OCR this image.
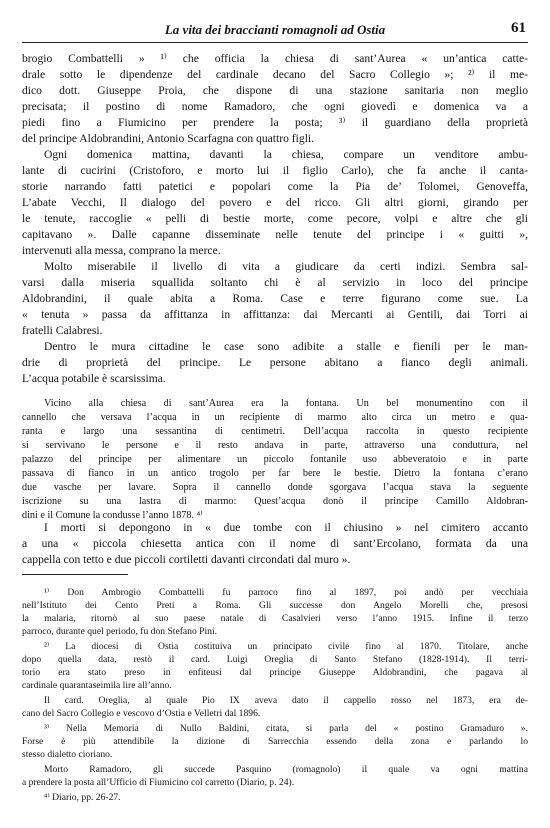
La vita dei braccianti romagnoli ad Ostia	61
brogio Combattelli » ¹⁾ che officia la chiesa di sant’Aurea « un’antica catte-
drale sotto le dipendenze del cardinale decano del Sacro Collegio »; ²⁾ il me-
dico dott. Giuseppe Proia, che dispone di una stazione sanitaria non meglio
precisata; il postino di nome Ramadoro, che ogni giovedì e domenica va a
piedi fino a Fiumicino per prendere la posta; ³⁾ il guardiano della proprietà
del principe Aldobrandini, Antonio Scarfagna con quattro figli.
Ogni domenica mattina, davanti la chiesa, compare un venditore ambu-
lante di cucirini (Cristoforo, e morto lui il figlio Carlo), che fa anche il canta-
storie narrando fatti patetici e popolari come la Pia de’ Tolomei, Genoveffa,
L’abate Vecchi, Il dialogo del povero e del ricco. Gli altri giorni, girando per
le tenute, raccoglie « pelli di bestie morte, come pecore, volpi e altre che gli
capitavano ». Dalle capanne disseminate nelle tenute del principe i « guitti »,
intervenuti alla messa, comprano la merce.
Molto miserabile il livello di vita a giudicare da certi indizi. Sembra sal-
varsi dalla miseria squallida soltanto chi è al servizio in loco del principe
Aldobrandini, il quale abita a Roma. Case e terre figurano come sue. La
« tenuta » passa da affittanza in affittanza: dai Mercanti ai Gentili, dai Torri ai
fratelli Calabresi.
Dentro le mura cittadine le case sono adibite a stalle e fienili per le man-
drie di proprietà del principe. Le persone abitano a fianco degli animali.
L’acqua potabile è scarsissima.
Vicino alla chiesa di sant’Aurea era la fontana. Un bel monumentino con il
cannello che versava l’acqua in un recipiente di marmo alto circa un metro e qua-
ranta e largo una sessantina di centimetri. Dell’acqua raccolta in questo recipiente
si servivano le persone e il resto andava in parte, attraverso una conduttura, nel
palazzo del principe per alimentare un piccolo fontanile uso abbeveratoio e in parte
passava di fianco in un antico trogolo per far bere le bestie. Dietro la fontana c’erano
due vasche per lavare. Sopra il cannello donde sgorgava l’acqua stava la seguente
iscrizione su una lastra di marmo: Quest’acqua donò il principe Camillo Aldobran-
dini e il Comune la condusse l’anno 1878. ⁴⁾
I morti si depongono in « due tombe con il chiusino » nel cimitero accanto
a una « piccola chiesetta antica con il nome di sant’Ercolano, formata da una
cappella con tetto e due piccoli cortiletti davanti circondati dal muro ».
¹⁾ Don Ambrogio Combattelli fu parroco fino al 1897, poi andò per vecchiaia
nell’Istituto dei Cento Preti a Roma. Gli successe don Angelo Morelli che, presosi
la malaria, ritornò al suo paese natale di Casalvieri verso l’anno 1915. Infine il terzo
parroco, durante quel periodo, fu don Stefano Pini.
²⁾ La diocesi di Ostia costituiva un principato civile fino al 1870. Titolare, anche
dopo quella data, restò il card. Luigi Oreglia di Santo Stefano (1828-1914). Il terri-
torio era stato preso in enfiteusi dal principe Giuseppe Aldobrandini, che pagava al
cardinale quarantaseimila lire all’anno.
Il card. Oreglia, al quale Pio IX aveva dato il cappello rosso nel 1873, era de-
cano del Sacro Collegio e vescovo d’Ostia e Velletri dal 1896.
³⁾ Nella Memoria di Nullo Baldini, citata, si parla del « postino Gramaduro ».
Forse è più attendibile la dizione di Sarrecchia essendo della zona e parlando lo
stesso dialetto cioriano.
Morto Ramadoro, gli succede Pasquino (romagnolo) il quale va ogni mattina
a prendere la posta all’Ufficio di Fiumicino col carretto (Diario, p. 24).
⁴⁾ Diario, pp. 26-27.
